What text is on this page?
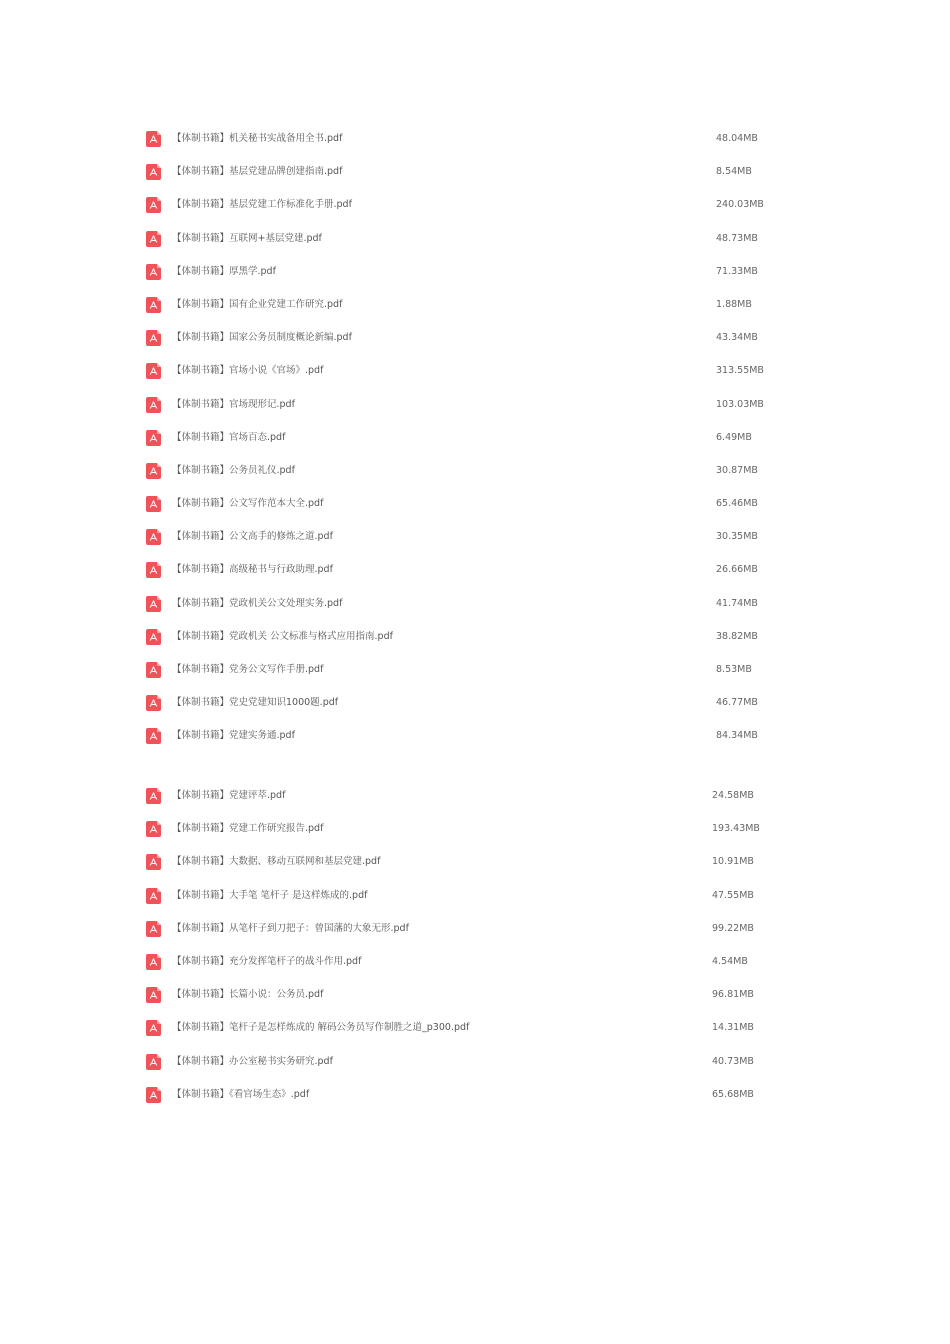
【体制书籍】机关秘书实战备用全书.pdf	48.04MB
【体制书籍】基层党建品牌创建指南.pdf	8.54MB
【体制书籍】基层党建工作标准化手册.pdf	240.03MB
【体制书籍】互联网+基层党建.pdf	48.73MB
【体制书籍】厚黑学.pdf	71.33MB
【体制书籍】国有企业党建工作研究.pdf	1.88MB
【体制书籍】国家公务员制度概论新编.pdf	43.34MB
【体制书籍】官场小说《官场》.pdf	313.55MB
【体制书籍】官场现形记.pdf	103.03MB
【体制书籍】官场百态.pdf	6.49MB
【体制书籍】公务员礼仪.pdf	30.87MB
【体制书籍】公文写作范本大全.pdf	65.46MB
【体制书籍】公文高手的修炼之道.pdf	30.35MB
【体制书籍】高级秘书与行政助理.pdf	26.66MB
【体制书籍】党政机关公文处理实务.pdf	41.74MB
【体制书籍】党政机关 公文标准与格式应用指南.pdf	38.82MB
【体制书籍】党务公文写作手册.pdf	8.53MB
【体制书籍】党史党建知识1000题.pdf	46.77MB
【体制书籍】党建实务通.pdf	84.34MB
【体制书籍】党建评萃.pdf	24.58MB
【体制书籍】党建工作研究报告.pdf	193.43MB
【体制书籍】大数据、移动互联网和基层党建.pdf	10.91MB
【体制书籍】大手笔 笔杆子 是这样炼成的.pdf	47.55MB
【体制书籍】从笔杆子到刀把子：曾国藩的大象无形.pdf	99.22MB
【体制书籍】充分发挥笔杆子的战斗作用.pdf	4.54MB
【体制书籍】长篇小说：公务员.pdf	96.81MB
【体制书籍】笔杆子是怎样炼成的 解码公务员写作制胜之道_p300.pdf	14.31MB
【体制书籍】办公室秘书实务研究.pdf	40.73MB
【体制书籍】《看官场生态》.pdf	65.68MB
